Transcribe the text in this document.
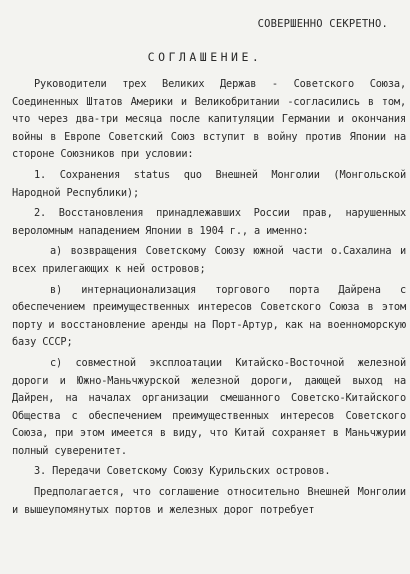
СОВЕРШЕННО СЕКРЕТНО.
СОГЛАШЕНИЕ.

Руководители трех Великих Держав - Советского Союза, Соединенных Штатов Америки и Великобритании -согласились в том, что через два-три месяца после капитуляции Германии и окончания войны в Европе Советский Союз вступит в войну против Японии на стороне Союзников при условии:

1. Сохранения status quo Внешней Монголии (Монгольской Народной Республики);

2. Восстановления принадлежавших России прав, нарушенных вероломным нападением Японии в 1904 г., а именно:

а) возвращения Советскому Союзу южной части о.Сахалина и всех прилегающих к ней островов;

в) интернационализация торгового порта Дайрена с обеспечением преимущественных интересов Советского Союза в этом порту и восстановление аренды на Порт-Артур, как на военноморскую базу СССР;

с) совместной эксплоатации Китайско-Восточной железной дороги и Южно-Маньчжурской железной дороги, дающей выход на Дайрен, на началах организации смешанного Советско-Китайского Общества с обеспечением преимущественных интересов Советского Союза, при этом имеется в виду, что Китай сохраняет в Маньчжурии полный суверенитет.

3. Передачи Советскому Союзу Курильских островов.

Предполагается, что соглашение относительно Внешней Монголии и вышеупомянутых портов и железных дорог потребует
